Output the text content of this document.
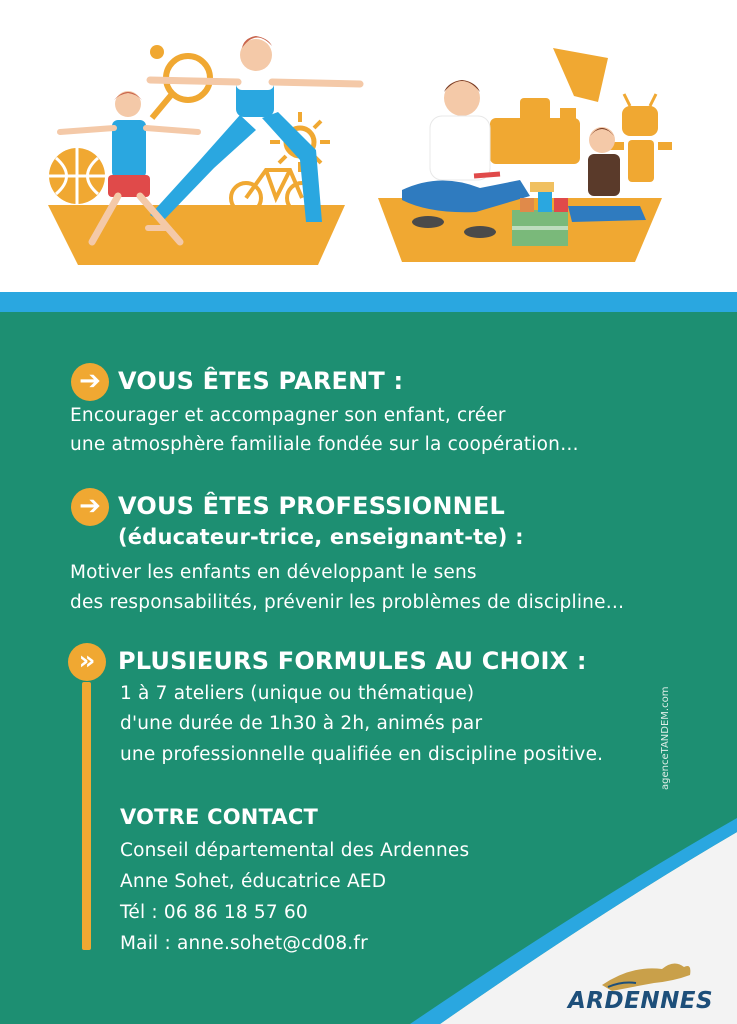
➔ VOUS ÊTES PARENT :
Encourager et accompagner son enfant, créer
une atmosphère familiale fondée sur la coopération…
➔ VOUS ÊTES PROFESSIONNEL
(éducateur-trice, enseignant-te) :
Motiver les enfants en développant le sens
des responsabilités, prévenir les problèmes de discipline…
» PLUSIEURS FORMULES AU CHOIX :
1 à 7 ateliers (unique ou thématique)
d'une durée de 1h30 à 2h, animés par
une professionnelle qualifiée en discipline positive.
VOTRE CONTACT
Conseil départemental des Ardennes
Anne Sohet, éducatrice AED
Tél : 06 86 18 57 60
Mail : anne.sohet@cd08.fr
agenceTANDEM.com
ARDENNES
